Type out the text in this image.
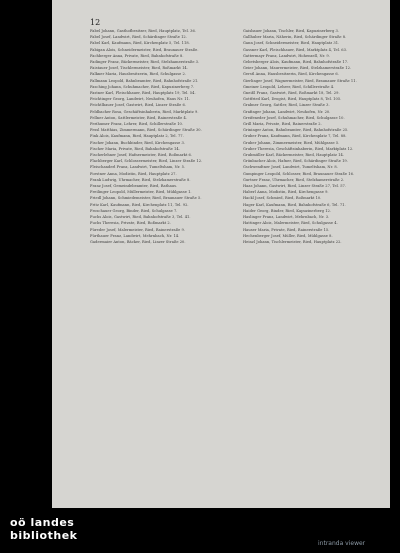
12

Fabel Johann, Gasthofbesitzer, Ried, Hauptplatz, Tel. 36.

Fabel Josef, Landwirt, Ried, Schärdinger Straße 12.

Fabel Karl, Kaufmann, Ried, Kirchenplatz 5, Tel. 118.

Fabigan Alois, Schneidermeister, Ried, Braunauer Straße.

Fachberger Anna, Private, Ried, Bahnhofstraße 8.

Fadinger Franz, Bäckermeister, Ried, Stelzhamerstraße 3.

Faistauer Josef, Tischlermeister, Ried, Roßmarkt 14.

Falkner Maria, Hausbesitzerin, Ried, Schulgasse 2.

Fallmann Leopold, Bahnbeamter, Ried, Bahnhofstraße 21.

Fasching Johann, Schuhmacher, Ried, Kapuzinerberg 7.

Fastner Karl, Fleischhauer, Ried, Hauptplatz 19, Tel. 54.

Feichtinger Georg, Landwirt, Neuhofen, Haus Nr. 11.

Feichtlbauer Josef, Gastwirt, Ried, Linzer Straße 6.

Feldbacher Rosa, Geschäftsinhaberin, Ried, Marktplatz 9.

Fellner Anton, Sattlermeister, Ried, Rainerstraße 4.

Ferihumer Franz, Lehrer, Ried, Schillerstraße 10.

Fessl Matthias, Zimmermann, Ried, Schärdinger Straße 30.

Fink Alois, Kaufmann, Ried, Hauptplatz 2, Tel. 77.

Fischer Johann, Buchbinder, Ried, Kirchengasse 3.

Fischer Maria, Private, Ried, Bahnhofstraße 14.

Fischerlehner Josef, Hafnermeister, Ried, Roßmarkt 6.

Flachberger Karl, Schlossermeister, Ried, Linzer Straße 12.

Fleischanderl Franz, Landwirt, Tumeltsham, Nr. 5.

Forstner Anna, Modistin, Ried, Hauptplatz 27.

Frank Ludwig, Uhrmacher, Ried, Stelzhamerstraße 8.

Franz Josef, Gemeindebeamter, Ried, Rathaus.

Freilinger Leopold, Müllermeister, Ried, Mühlgasse 1.

Friedl Johann, Schmiedemeister, Ried, Braunauer Straße 5.

Fritz Karl, Kaufmann, Ried, Kirchenplatz 11, Tel. 92.

Froschauer Georg, Binder, Ried, Schulgasse 7.

Fuchs Alois, Gastwirt, Ried, Bahnhofstraße 3, Tel. 41.

Fuchs Theresia, Private, Ried, Roßmarkt 2.

Füreder Josef, Malermeister, Ried, Rainerstraße 9.

Fürthauer Franz, Landwirt, Mehrnbach, Nr. 14.

Gadermaier Anton, Bäcker, Ried, Linzer Straße 20.

Gaisbauer Johann, Tischler, Ried, Kapuzinerberg 3.

Gallhuber Maria, Näherin, Ried, Schärdinger Straße 8.

Gann Josef, Schneidermeister, Ried, Hauptplatz 31.

Gassner Karl, Fleischhauer, Ried, Marktplatz 4, Tel. 63.

Gattermayr Franz, Landwirt, Hohenzell, Nr. 9.

Gebetsberger Alois, Kaufmann, Ried, Bahnhofstraße 17.

Geier Johann, Maurermeister, Ried, Stelzhamerstraße 12.

Gerstl Anna, Hausbesitzerin, Ried, Kirchengasse 6.

Gierlinger Josef, Wagnermeister, Ried, Braunauer Straße 11.

Gmeiner Leopold, Lehrer, Ried, Schillerstraße 4.

Gneißl Franz, Gastwirt, Ried, Roßmarkt 18, Tel. 29.

Gottfried Karl, Drogist, Ried, Hauptplatz 8, Tel. 105.

Grabner Georg, Sattler, Ried, Linzer Straße 3.

Grafinger Johann, Landwirt, Neuhofen, Nr. 20.

Greifeneder Josef, Schuhmacher, Ried, Schulgasse 10.

Grill Maria, Private, Ried, Rainerstraße 2.

Grininger Anton, Bahnbeamter, Ried, Bahnhofstraße 25.

Gruber Franz, Kaufmann, Ried, Kirchenplatz 7, Tel. 88.

Gruber Johann, Zimmermeister, Ried, Mühlgasse 5.

Gruber Theresia, Geschäftsinhaberin, Ried, Marktplatz 12.

Grubmüller Karl, Bäckermeister, Ried, Hauptplatz 14.

Grünbacher Alois, Hafner, Ried, Schärdinger Straße 19.

Gschwendtner Josef, Landwirt, Tumeltsham, Nr. 8.

Gumpinger Leopold, Schlosser, Ried, Braunauer Straße 16.

Gurtner Franz, Uhrmacher, Ried, Stelzhamerstraße 2.

Haas Johann, Gastwirt, Ried, Linzer Straße 27, Tel. 57.

Haberl Anna, Modistin, Ried, Kirchengasse 9.

Hackl Josef, Schmied, Ried, Roßmarkt 10.

Hager Karl, Kaufmann, Ried, Bahnhofstraße 6, Tel. 71.

Haider Georg, Binder, Ried, Kapuzinerberg 12.

Haslinger Franz, Landwirt, Mehrnbach, Nr. 3.

Hattinger Alois, Malermeister, Ried, Schulgasse 4.

Hauser Maria, Private, Ried, Rainerstraße 15.

Hechenberger Josef, Müller, Ried, Mühlgasse 8.

Heinzl Johann, Tischlermeister, Ried, Hauptplatz 22.

oö landes
bibliothek
intranda viewer
